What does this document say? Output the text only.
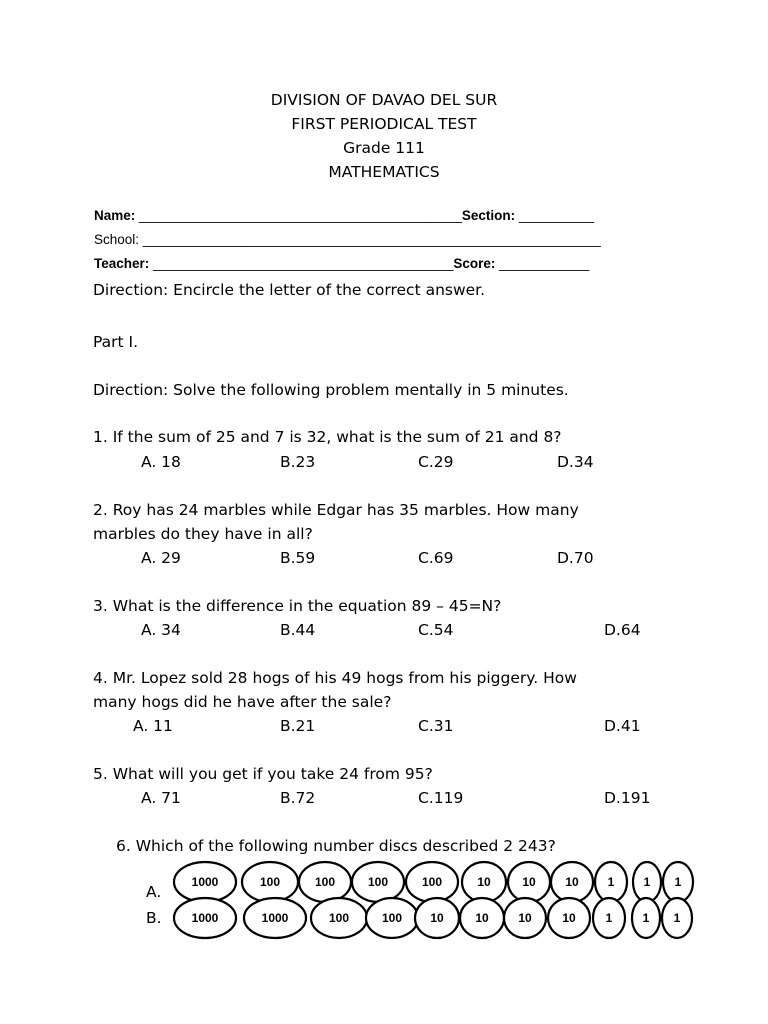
DIVISION OF DAVAO DEL SUR
FIRST PERIODICAL TEST
Grade 111
MATHEMATICS
Name: ___________________________________________Section: __________
School: _____________________________________________________________
Teacher: ________________________________________Score: ____________
Direction: Encircle the letter of the correct answer.
Part I.
Direction: Solve the following problem mentally in 5 minutes.
1. If the sum of 25 and 7 is 32, what is the sum of 21 and 8?
A. 18	B.23	C.29	D.34
2. Roy has 24 marbles while Edgar has 35 marbles. How many
marbles do they have in all?
A. 29	B.59	C.69	D.70
3. What is the difference in the equation 89 – 45=N?
A. 34	B.44	C.54	D.64
4. Mr. Lopez sold 28 hogs of his 49 hogs from his piggery. How
many hogs did he have after the sale?
A. 11	B.21	C.31	D.41
5. What will you get if you take 24 from 95?
A. 71	B.72	C.119	D.191
6. Which of the following number discs described 2 243?
A.
B.
1000	100	100	100	100	10	10 10 1 1 1
1000	1000	100	100 10	10 10	10 1	1 1
